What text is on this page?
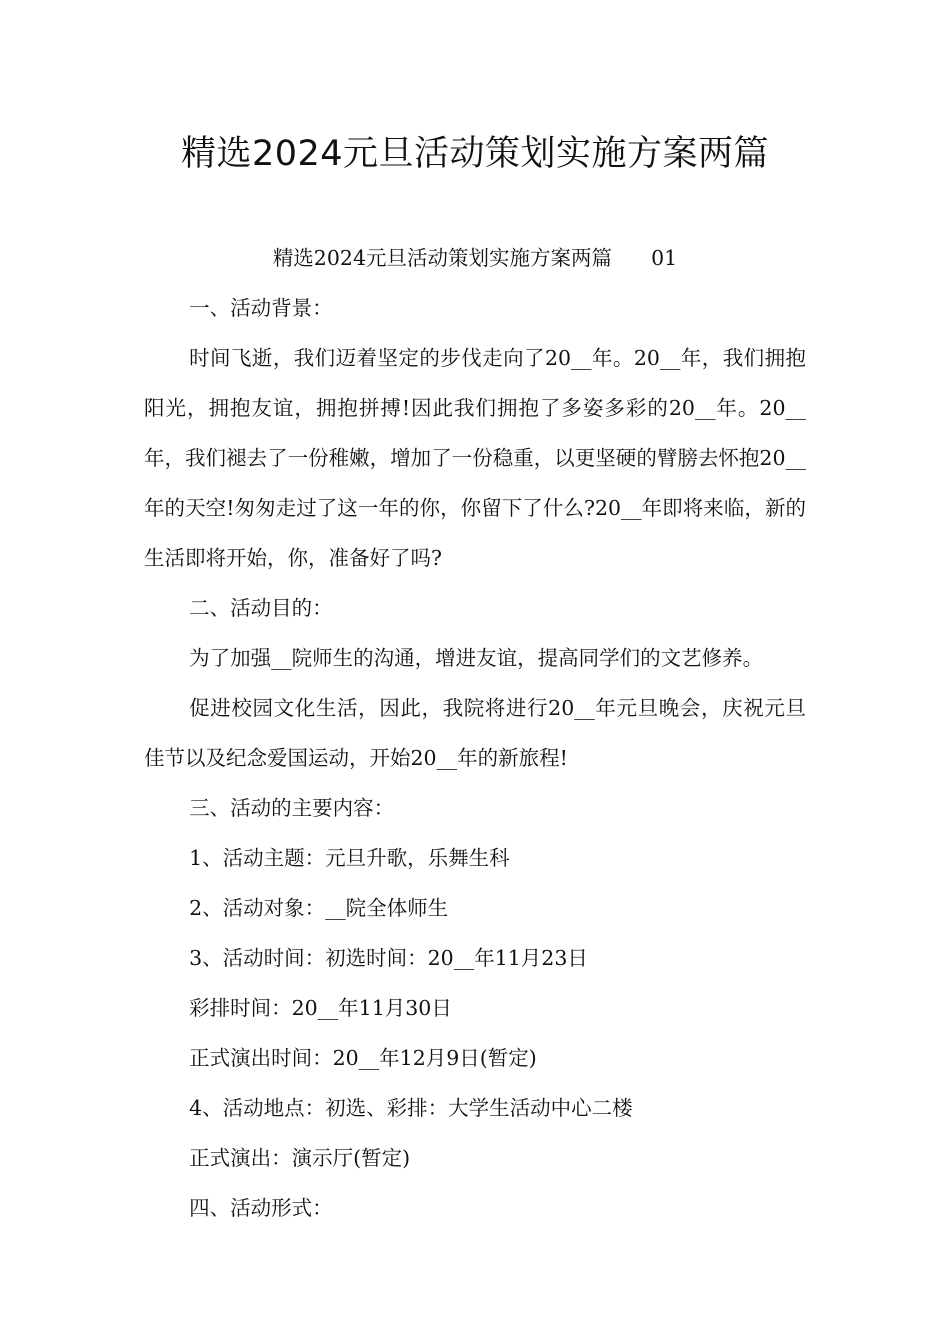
精选2024元旦活动策划实施方案两篇
精选2024元旦活动策划实施方案两篇      01

一、活动背景：

时间飞逝，我们迈着坚定的步伐走向了20__年。20__年，我们拥抱阳光，拥抱友谊，拥抱拼搏!因此我们拥抱了多姿多彩的20__年。20__年，我们褪去了一份稚嫩，增加了一份稳重，以更坚硬的臂膀去怀抱20__年的天空!匆匆走过了这一年的你，你留下了什么?20__年即将来临，新的生活即将开始，你，准备好了吗?

二、活动目的：

为了加强__院师生的沟通，增进友谊，提高同学们的文艺修养。

促进校园文化生活，因此，我院将进行20__年元旦晚会，庆祝元旦佳节以及纪念爱国运动，开始20__年的新旅程!

三、活动的主要内容：

1、活动主题：元旦升歌，乐舞生科

2、活动对象：__院全体师生

3、活动时间：初选时间：20__年11月23日

彩排时间：20__年11月30日

正式演出时间：20__年12月9日(暂定)

4、活动地点：初选、彩排：大学生活动中心二楼

正式演出：演示厅(暂定)

四、活动形式：
